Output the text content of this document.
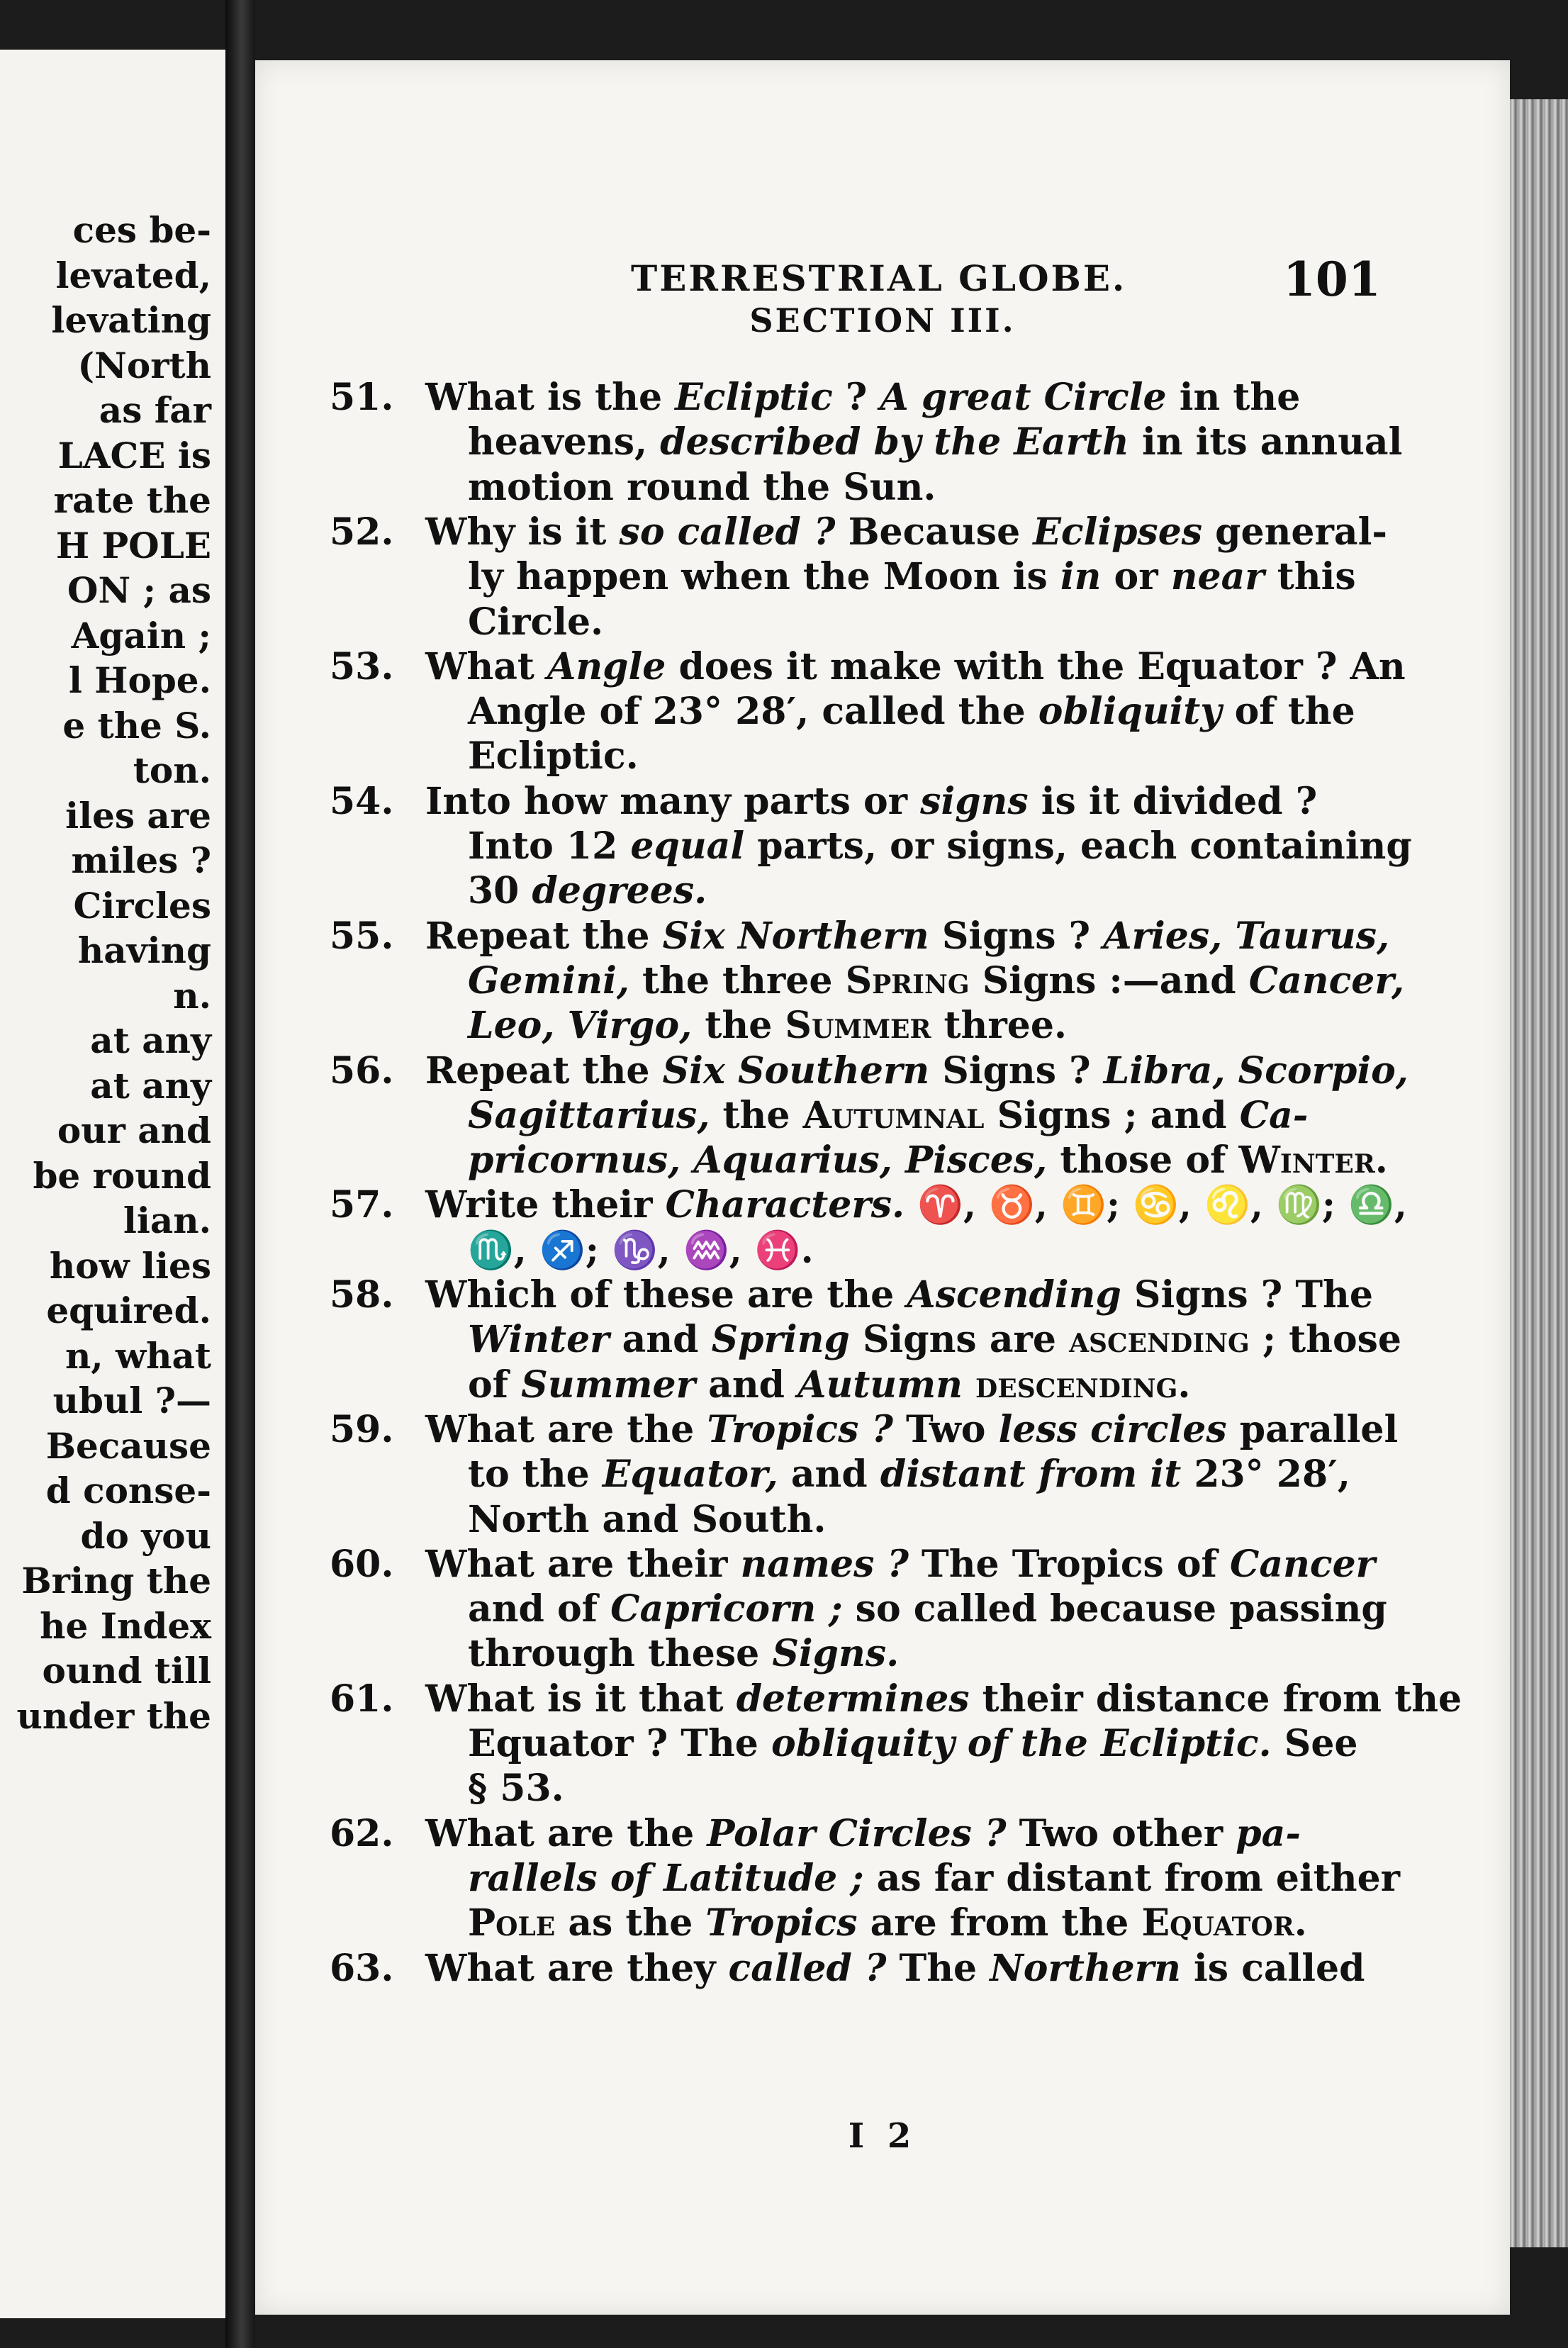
ces be-
levated,
levating
(North
as far
LACE is
rate the
H POLE
ON ; as
Again ;
l Hope.
e the S.
ton.
iles are
miles ?
Circles
having
n.
at any
at any
our and
be round
lian.
how lies
equired.
n, what
ubul ?—
Because
d conse-
do you
Bring the
he Index
ound till
under the
TERRESTRIAL GLOBE.	101
SECTION III.
51. What is the Ecliptic ? A great Circle in the
heavens, described by the Earth in its annual
motion round the Sun.
52. Why is it so called ? Because Eclipses general-
ly happen when the Moon is in or near this
Circle.
53. What Angle does it make with the Equator ? An
Angle of 23° 28′, called the obliquity of the
Ecliptic.
54. Into how many parts or signs is it divided ?
Into 12 equal parts, or signs, each containing
30 degrees.
55. Repeat the Six Northern Signs ? Aries, Taurus,
Gemini, the three Spring Signs :—and Cancer,
Leo, Virgo, the Summer three.
56. Repeat the Six Southern Signs ? Libra, Scorpio,
Sagittarius, the Autumnal Signs ; and Ca-
pricornus, Aquarius, Pisces, those of Winter.
57. Write their Characters. ♈, ♉, ♊; ♋, ♌, ♍; ♎,
♏, ♐; ♑, ♒, ♓.
58. Which of these are the Ascending Signs ? The
Winter and Spring Signs are ascending ; those
of Summer and Autumn descending.
59. What are the Tropics ? Two less circles parallel
to the Equator, and distant from it 23° 28′,
North and South.
60. What are their names ? The Tropics of Cancer
and of Capricorn ; so called because passing
through these Signs.
61. What is it that determines their distance from the
Equator ? The obliquity of the Ecliptic. See
§ 53.
62. What are the Polar Circles ? Two other pa-
rallels of Latitude ; as far distant from either
Pole as the Tropics are from the Equator.
63. What are they called ? The Northern is called
I 2
